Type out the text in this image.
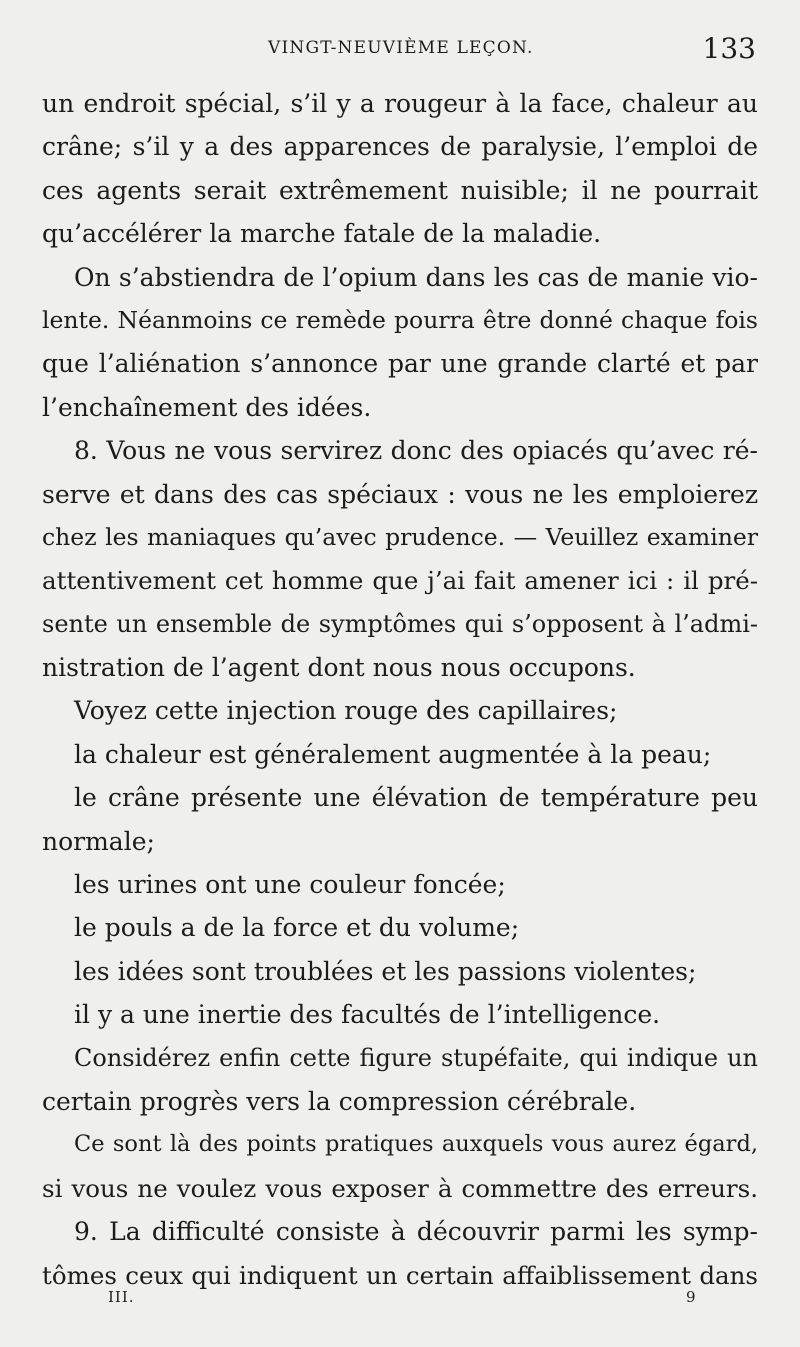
VINGT-NEUVIÈME LEÇON.	133
un endroit spécial, s’il y a rougeur à la face, chaleur au
crâne; s’il y a des apparences de paralysie, l’emploi de
ces agents serait extrêmement nuisible; il ne pourrait
qu’accélérer la marche fatale de la maladie.
On s’abstiendra de l’opium dans les cas de manie vio-
lente. Néanmoins ce remède pourra être donné chaque fois
que l’aliénation s’annonce par une grande clarté et par
l’enchaînement des idées.
8. Vous ne vous servirez donc des opiacés qu’avec ré-
serve et dans des cas spéciaux : vous ne les emploierez
chez les maniaques qu’avec prudence. — Veuillez examiner
attentivement cet homme que j’ai fait amener ici : il pré-
sente un ensemble de symptômes qui s’opposent à l’admi-
nistration de l’agent dont nous nous occupons.
Voyez cette injection rouge des capillaires;
la chaleur est généralement augmentée à la peau;
le crâne présente une élévation de température peu
normale;
les urines ont une couleur foncée;
le pouls a de la force et du volume;
les idées sont troublées et les passions violentes;
il y a une inertie des facultés de l’intelligence.
Considérez enfin cette figure stupéfaite, qui indique un
certain progrès vers la compression cérébrale.
Ce sont là des points pratiques auxquels vous aurez égard,
si vous ne voulez vous exposer à commettre des erreurs.
9. La difficulté consiste à découvrir parmi les symp-
tômes ceux qui indiquent un certain affaiblissement dans
III.	9
